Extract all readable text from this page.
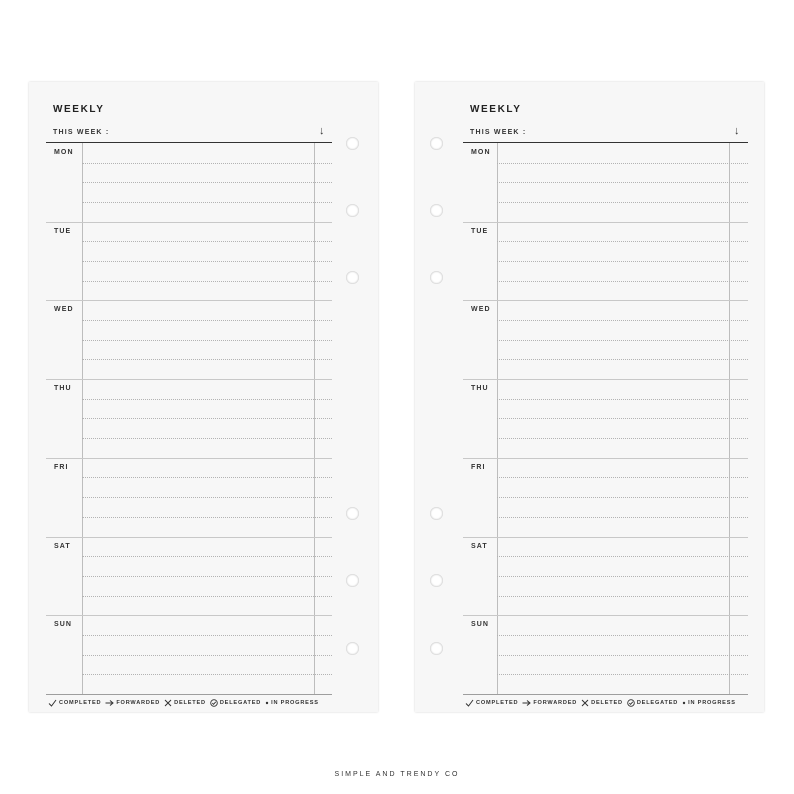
WEEKLY
THIS WEEK :	↓
MON
TUE
WED
THU
FRI
SAT
SUN
COMPLETED	FORWARDED	DELETED	DELEGATED IN PROGRESS
WEEKLY
THIS WEEK :	↓
MON
TUE
WED
THU
FRI
SAT
SUN
COMPLETED	FORWARDED	DELETED	DELEGATED IN PROGRESS
SIMPLE AND TRENDY CO
